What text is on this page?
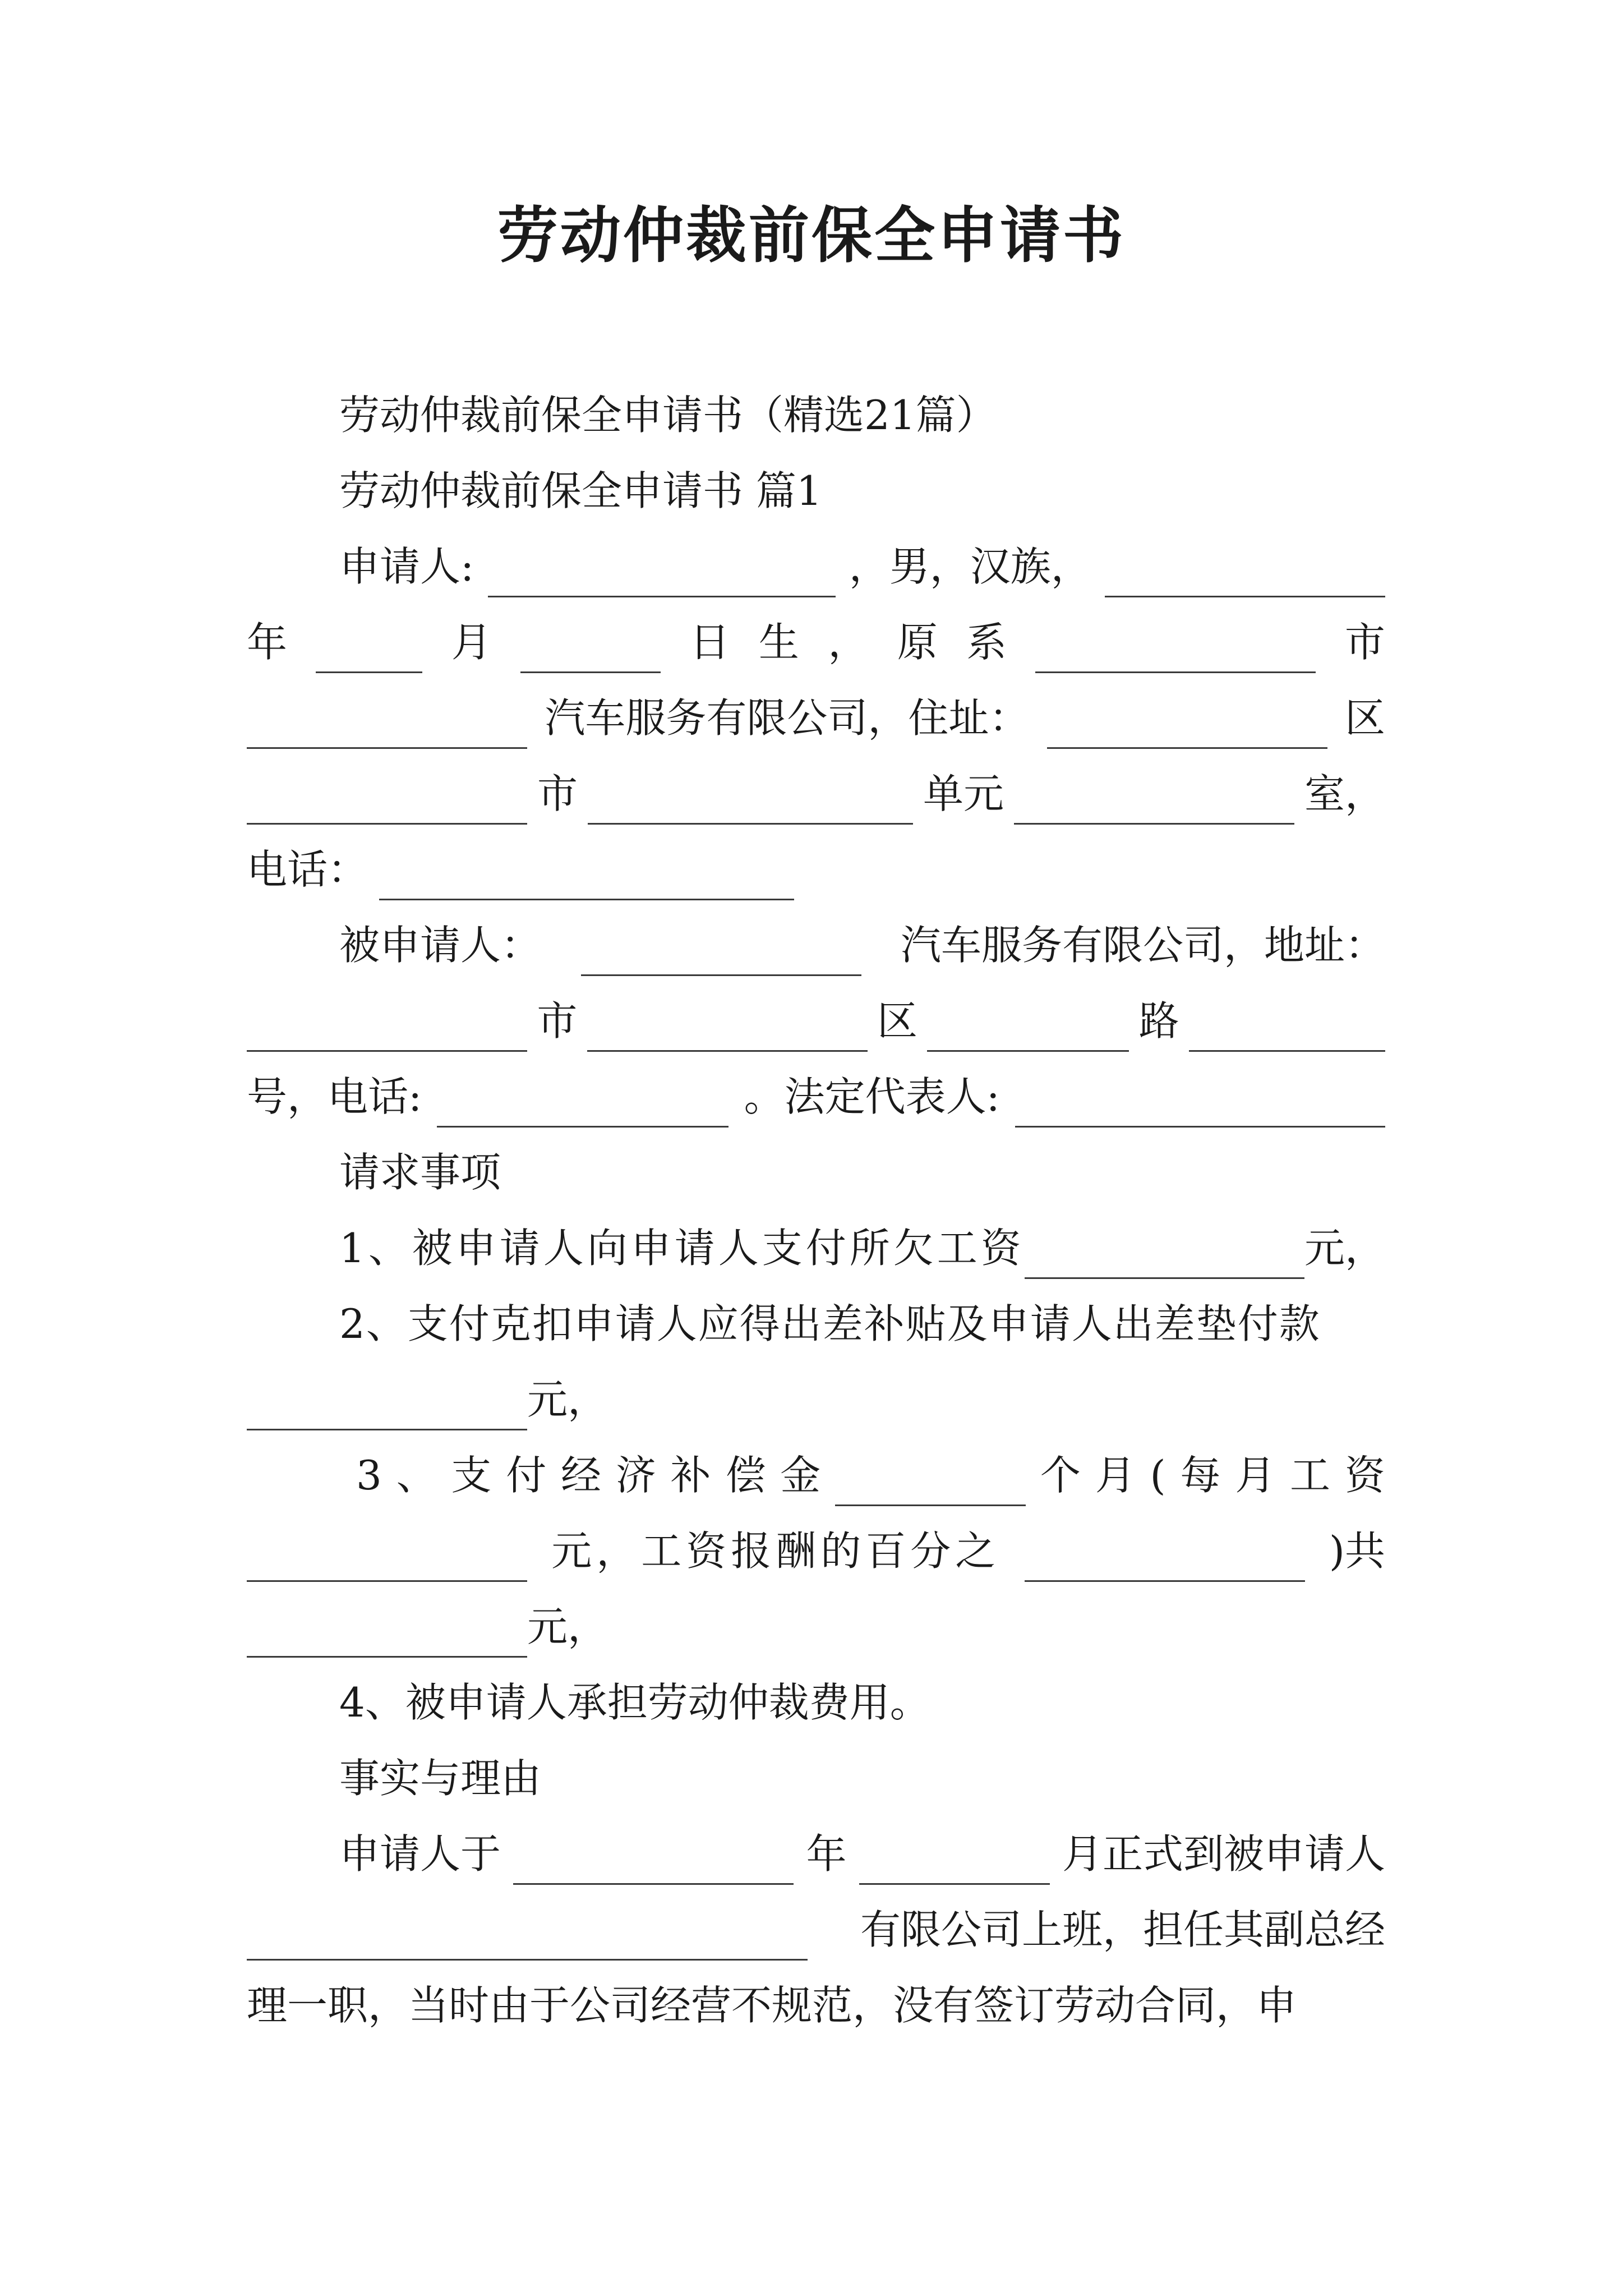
劳动仲裁前保全申请书
劳动仲裁前保全申请书（精选21篇）
劳动仲裁前保全申请书 篇1
申请人:	，男，汉族，
年	月	日 生 ， 原 系	市
汽车服务有限公司，住址：	区
市	单元	室，
电话：
被申请人：	汽车服务有限公司，地址：
市	区	路
号，电话:	。法定代表人:
请求事项
1、被申请人向申请人支付所欠工资	元，
2、支付克扣申请人应得出差补贴及申请人出差垫付款
元，
3 、 支 付 经 济 补 偿 金	个 月 ( 每 月 工 资
元，工资报酬的百分之	)共
元，
4、被申请人承担劳动仲裁费用。
事实与理由
申请人于	年	月正式到被申请人
有限公司上班，担任其副总经
理一职，当时由于公司经营不规范，没有签订劳动合同，申
